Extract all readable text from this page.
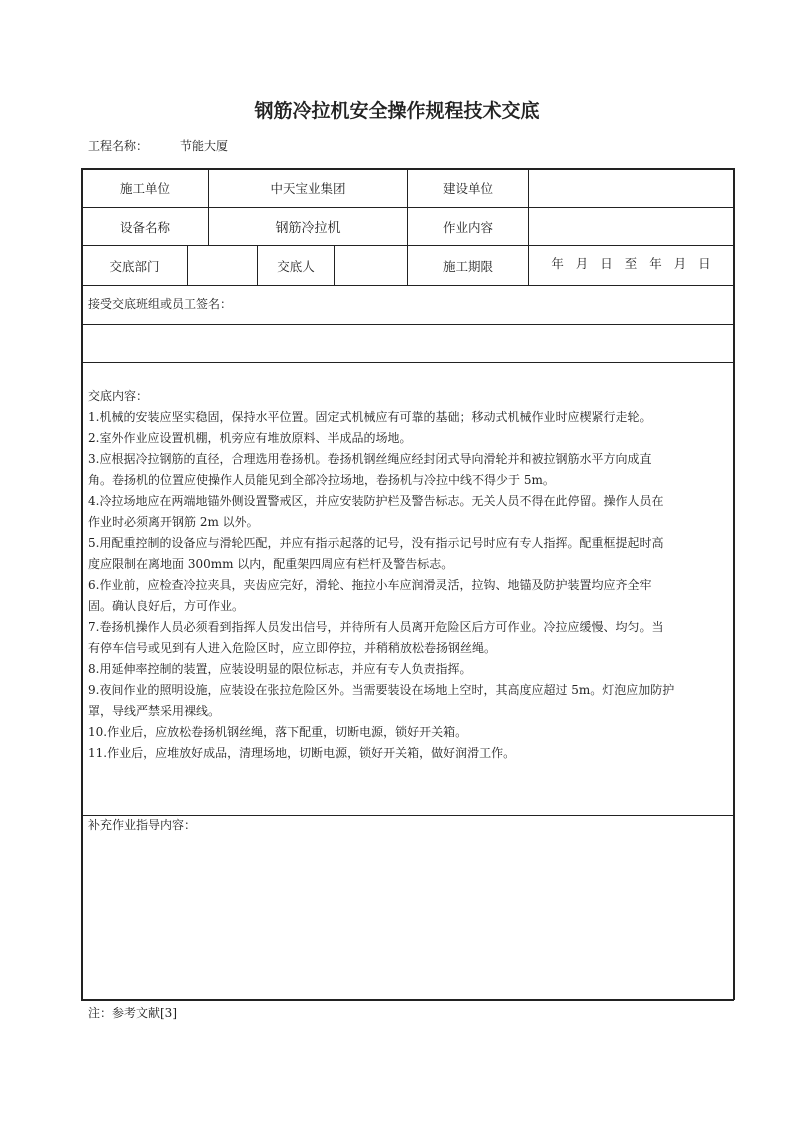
钢筋冷拉机安全操作规程技术交底
工程名称：	节能大厦
施工单位	中天宝业集团	建设单位
设备名称	钢筋冷拉机	作业内容
交底部门	交底人	施工期限	年 月 日 至 年 月 日
接受交底班组或员工签名：
交底内容：
1.机械的安装应坚实稳固，保持水平位置。固定式机械应有可靠的基础；移动式机械作业时应楔紧行走轮。
2.室外作业应设置机棚，机旁应有堆放原料、半成品的场地。
3.应根据冷拉钢筋的直径，合理选用卷扬机。卷扬机钢丝绳应经封闭式导向滑轮并和被拉钢筋水平方向成直
角。卷扬机的位置应使操作人员能见到全部冷拉场地，卷扬机与冷拉中线不得少于 5m。
4.冷拉场地应在两端地锚外侧设置警戒区，并应安装防护栏及警告标志。无关人员不得在此停留。操作人员在
作业时必须离开钢筋 2m 以外。
5.用配重控制的设备应与滑轮匹配，并应有指示起落的记号，没有指示记号时应有专人指挥。配重框提起时高
度应限制在离地面 300mm 以内，配重架四周应有栏杆及警告标志。
6.作业前，应检查冷拉夹具，夹齿应完好，滑轮、拖拉小车应润滑灵活，拉钩、地锚及防护装置均应齐全牢
固。确认良好后，方可作业。
7.卷扬机操作人员必须看到指挥人员发出信号，并待所有人员离开危险区后方可作业。冷拉应缓慢、均匀。当
有停车信号或见到有人进入危险区时，应立即停拉，并稍稍放松卷扬钢丝绳。
8.用延伸率控制的装置，应装设明显的限位标志，并应有专人负责指挥。
9.夜间作业的照明设施，应装设在张拉危险区外。当需要装设在场地上空时，其高度应超过 5m。灯泡应加防护
罩，导线严禁采用裸线。
10.作业后，应放松卷扬机钢丝绳，落下配重，切断电源，锁好开关箱。
11.作业后，应堆放好成品，清理场地，切断电源，锁好开关箱，做好润滑工作。
补充作业指导内容：
注：参考文献[3]
